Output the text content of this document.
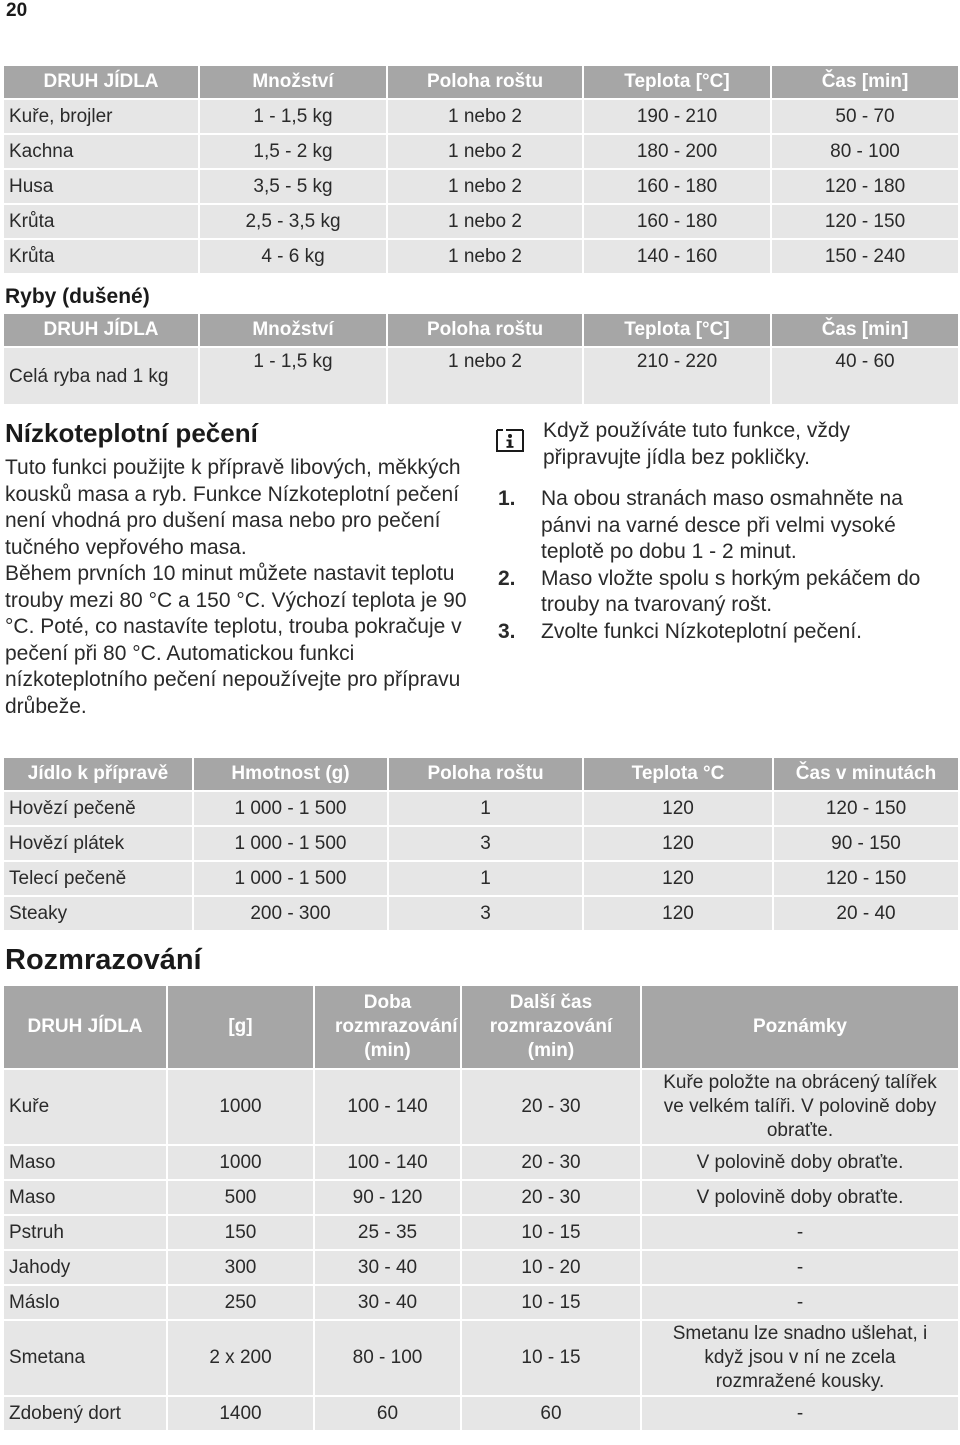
20
DRUH JÍDLA	Množství	Poloha roštu	Teplota [°C]	Čas [min]
Kuře, brojler	1 - 1,5 kg	1 nebo 2	190 - 210	50 - 70
Kachna	1,5 - 2 kg	1 nebo 2	180 - 200	80 - 100
Husa	3,5 - 5 kg	1 nebo 2	160 - 180	120 - 180
Krůta	2,5 - 3,5 kg	1 nebo 2	160 - 180	120 - 150
Krůta	4 - 6 kg	1 nebo 2	140 - 160	150 - 240
Ryby (dušené)
DRUH JÍDLA	Množství	Poloha roštu	Teplota [°C]	Čas [min]
Celá ryba nad 1 kg	1 - 1,5 kg	1 nebo 2	210 - 220	40 - 60
Nízkoteplotní pečení

Tuto funkci použijte k přípravě libových, měkkých kousků masa a ryb. Funkce Nízkoteplotní pečení není vhodná pro dušení masa nebo pro pečení tučného vepřového masa.

Během prvních 10 minut můžete nastavit teplotu trouby mezi 80 °C a 150 °C. Výchozí teplota je 90 °C. Poté, co nastavíte teplotu, trouba pokračuje v pečení při 80 °C. Automatickou funkci nízkoteplotního pečení nepoužívejte pro přípravu drůbeže.

Když používáte tuto funkce, vždy připravujte jídla bez pokličky.
1. Na obou stranách maso osmahněte na pánvi na varné desce při velmi vysoké teplotě po dobu 1 - 2 minut.
2. Maso vložte spolu s horkým pekáčem do trouby na tvarovaný rošt.
3. Zvolte funkci Nízkoteplotní pečení.
Jídlo k přípravě	Hmotnost (g)	Poloha roštu	Teplota °C	Čas v minutách
Hovězí pečeně	1 000 - 1 500	1	120	120 - 150
Hovězí plátek	1 000 - 1 500	3	120	90 - 150
Telecí pečeně	1 000 - 1 500	1	120	120 - 150
Steaky	200 - 300	3	120	20 - 40
Rozmrazování
DRUH JÍDLA	[g]	Doba rozmrazování (min)	Další čas rozmrazování (min)	Poznámky
Kuře	1000	100 - 140	20 - 30	Kuře položte na obrácený talířek ve velkém talíři. V polovině doby obraťte.
Maso	1000	100 - 140	20 - 30	V polovině doby obraťte.
Maso	500	90 - 120	20 - 30	V polovině doby obraťte.
Pstruh	150	25 - 35	10 - 15	-
Jahody	300	30 - 40	10 - 20	-
Máslo	250	30 - 40	10 - 15	-
Smetana	2 x 200	80 - 100	10 - 15	Smetanu lze snadno ušlehat, i když jsou v ní ne zcela rozmražené kousky.
Zdobený dort	1400	60	60	-
